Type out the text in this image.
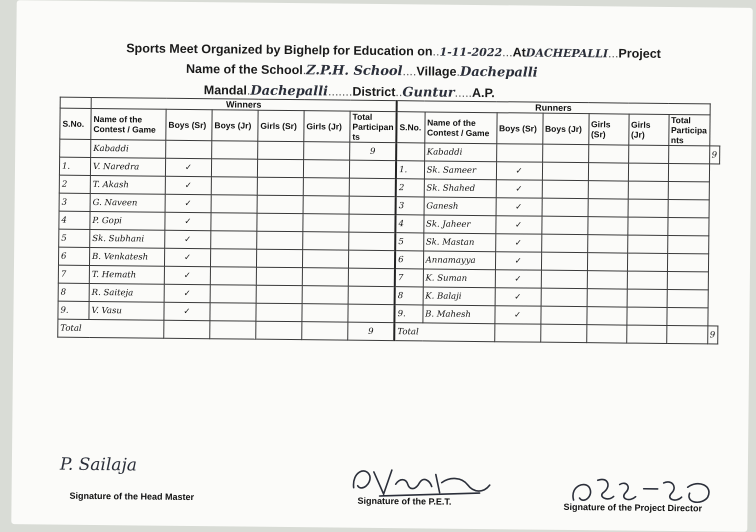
Sports Meet Organized by Bighelp for Education on..1-11-2022...AtDACHEPALLI...Project
Name of the School.Z.P.H. School....Village.Dachepalli
Mandal.Dachepalli.......District..Guntur.....A.P.
	Winners						Runners							
S.No.	Name of the Contest / Game	Boys (Sr)	Boys (Jr)	Girls (Sr)	Girls (Jr)	Total Participan ts	S.No.	Name of the Contest / Game	Boys (Sr)	Boys (Jr)	Girls (Sr)	Girls (Jr)	Total Participa nts	
	Kabaddi					9		Kabaddi						9
1.	V. Naredra	✓					1.	Sk. Sameer	✓					
2	T. Akash	✓					2	Sk. Shahed	✓					
3	G. Naveen	✓					3	Ganesh	✓					
4	P. Gopi	✓					4	Sk. Jaheer	✓					
5	Sk. Subhani	✓					5	Sk. Mastan	✓					
6	B. Venkatesh	✓					6	Annamayya	✓					
7	T. Hemath	✓					7	K. Suman	✓					
8	R. Saiteja	✓					8	K. Balaji	✓					
9.	V. Vasu	✓					9.	B. Mahesh	✓					
Total						9	Total							9
P. Sailaja
Signature of the Head Master	Signature of the P.E.T.
Signature of the Project Director
